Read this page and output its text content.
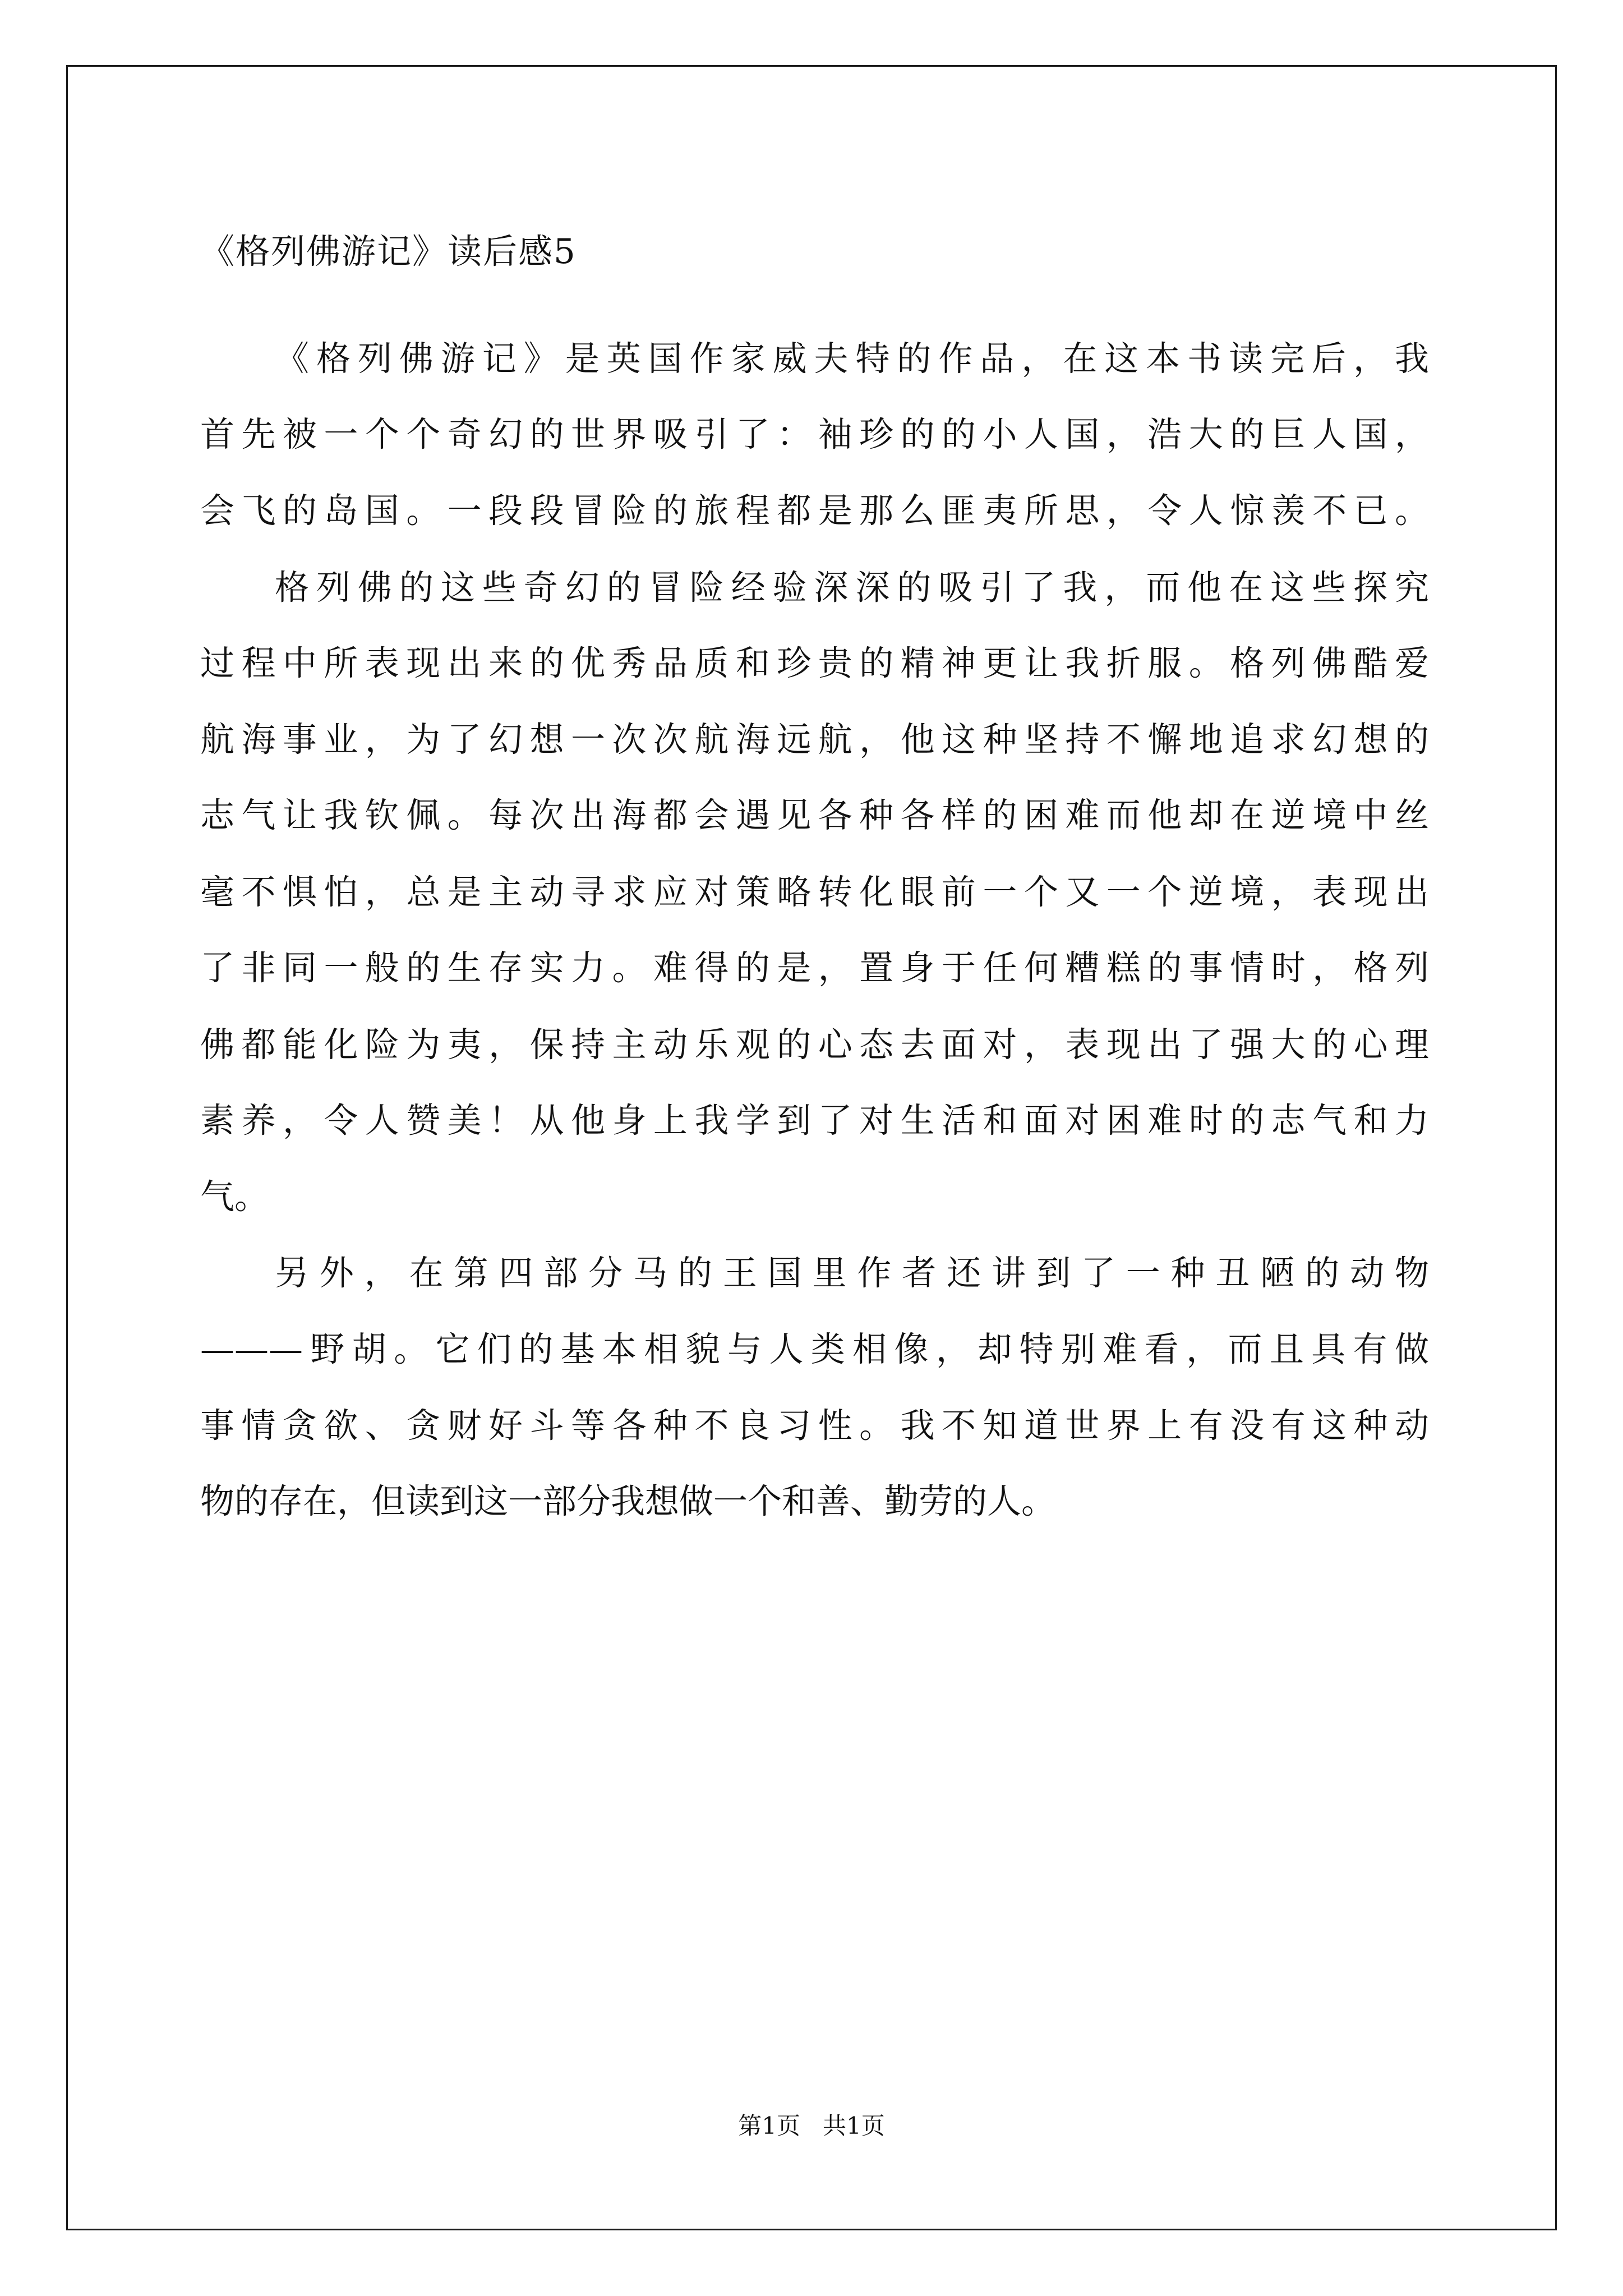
《格列佛游记》读后感5
《格列佛游记》是英国作家威夫特的作品，在这本书读完后，我
首先被一个个奇幻的世界吸引了：袖珍的的小人国，浩大的巨人国，
会飞的岛国。一段段冒险的旅程都是那么匪夷所思，令人惊羡不已。
格列佛的这些奇幻的冒险经验深深的吸引了我，而他在这些探究
过程中所表现出来的优秀品质和珍贵的精神更让我折服。格列佛酷爱
航海事业，为了幻想一次次航海远航，他这种坚持不懈地追求幻想的
志气让我钦佩。每次出海都会遇见各种各样的困难而他却在逆境中丝
毫不惧怕，总是主动寻求应对策略转化眼前一个又一个逆境，表现出
了非同一般的生存实力。难得的是，置身于任何糟糕的事情时，格列
佛都能化险为夷，保持主动乐观的心态去面对，表现出了强大的心理
素养，令人赞美！从他身上我学到了对生活和面对困难时的志气和力
气。
另外，在第四部分马的王国里作者还讲到了一种丑陋的动物
———野胡。它们的基本相貌与人类相像，却特别难看，而且具有做
事情贪欲、贪财好斗等各种不良习性。我不知道世界上有没有这种动
物的存在，但读到这一部分我想做一个和善、勤劳的人。
第1页   共1页
